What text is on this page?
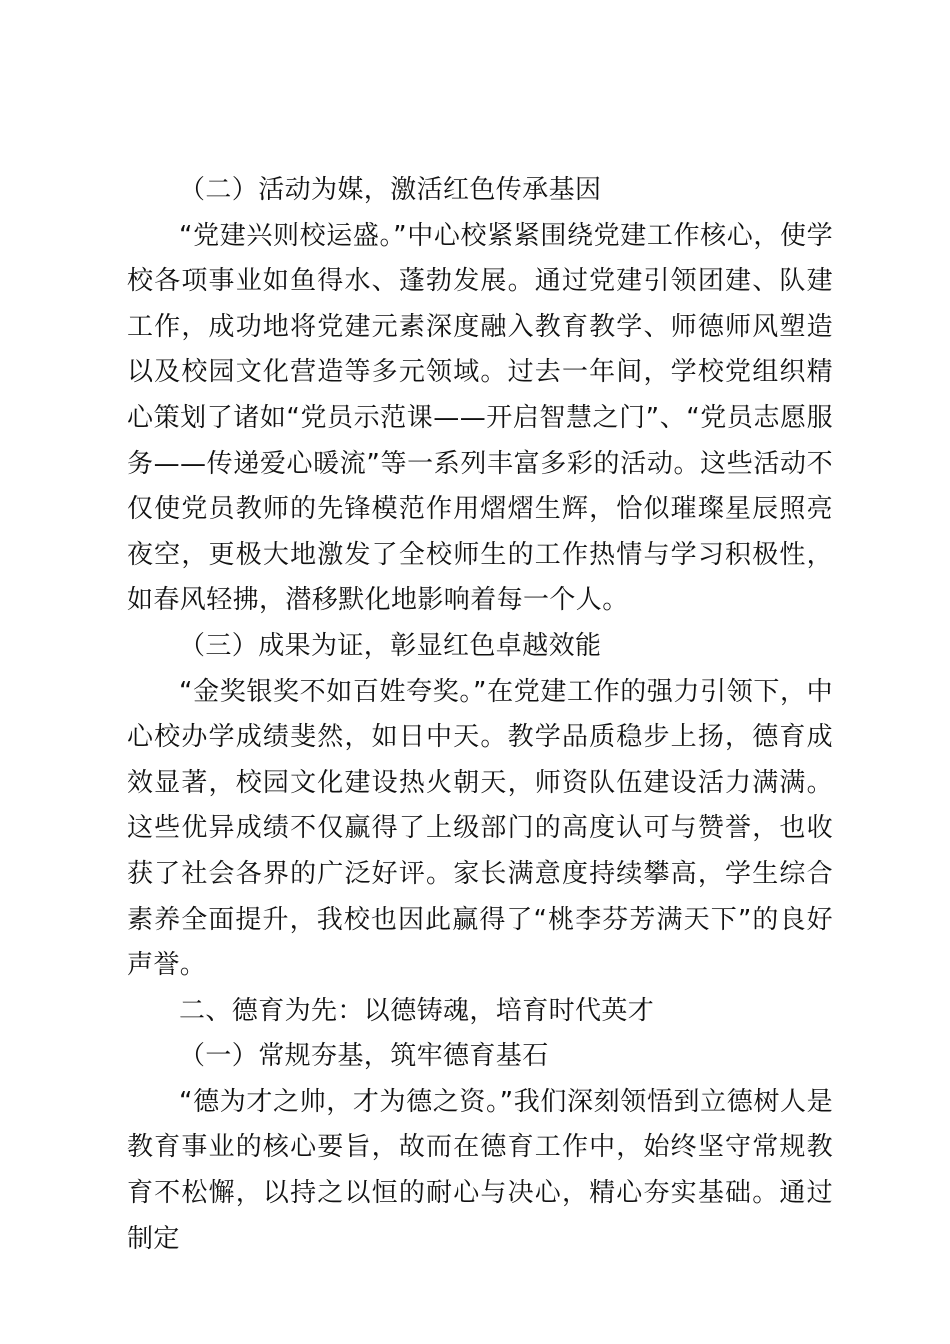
（二）活动为媒，激活红色传承基因

“党建兴则校运盛。”中心校紧紧围绕党建工作核心，使学校各项事业如鱼得水、蓬勃发展。通过党建引领团建、队建工作，成功地将党建元素深度融入教育教学、师德师风塑造以及校园文化营造等多元领域。过去一年间，学校党组织精心策划了诸如“党员示范课——开启智慧之门”、“党员志愿服务——传递爱心暖流”等一系列丰富多彩的活动。这些活动不仅使党员教师的先锋模范作用熠熠生辉，恰似璀璨星辰照亮夜空，更极大地激发了全校师生的工作热情与学习积极性，如春风轻拂，潜移默化地影响着每一个人。

（三）成果为证，彰显红色卓越效能

“金奖银奖不如百姓夸奖。”在党建工作的强力引领下，中心校办学成绩斐然，如日中天。教学品质稳步上扬，德育成效显著，校园文化建设热火朝天，师资队伍建设活力满满。这些优异成绩不仅赢得了上级部门的高度认可与赞誉，也收获了社会各界的广泛好评。家长满意度持续攀高，学生综合素养全面提升，我校也因此赢得了“桃李芬芳满天下”的良好声誉。

二、德育为先：以德铸魂，培育时代英才

（一）常规夯基，筑牢德育基石

“德为才之帅，才为德之资。”我们深刻领悟到立德树人是教育事业的核心要旨，故而在德育工作中，始终坚守常规教育不松懈，以持之以恒的耐心与决心，精心夯实基础。通过制定
